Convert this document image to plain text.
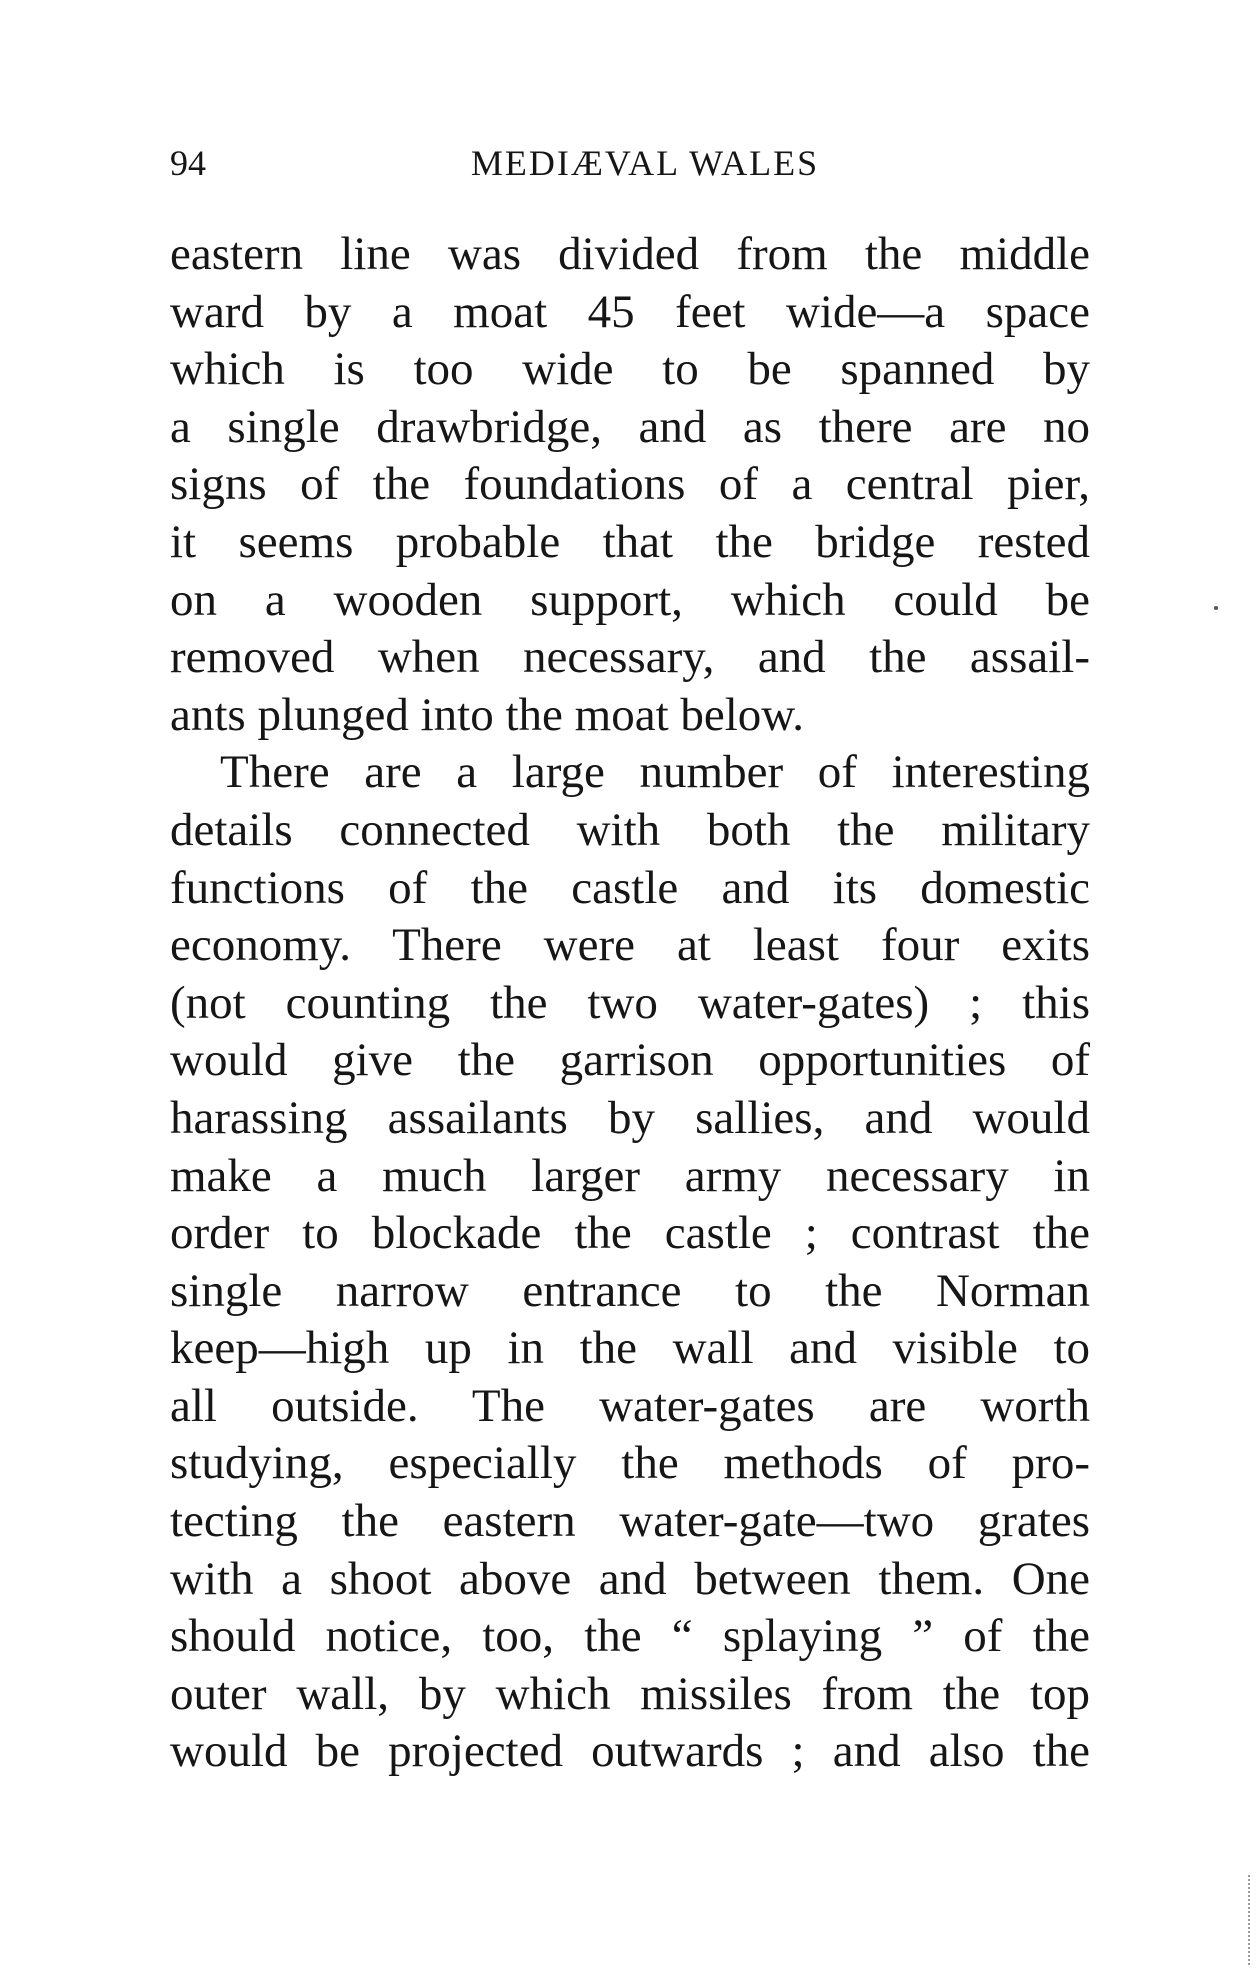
94	MEDIÆVAL WALES
eastern line was divided from the middle
ward by a moat 45 feet wide—a space
which is too wide to be spanned by
a single drawbridge, and as there are no
signs of the foundations of a central pier,
it seems probable that the bridge rested
on a wooden support, which could be
removed when necessary, and the assail-
ants plunged into the moat below.
There are a large number of interesting
details connected with both the military
functions of the castle and its domestic
economy. There were at least four exits
(not counting the two water-gates) ; this
would give the garrison opportunities of
harassing assailants by sallies, and would
make a much larger army necessary in
order to blockade the castle ; contrast the
single narrow entrance to the Norman
keep—high up in the wall and visible to
all outside. The water-gates are worth
studying, especially the methods of pro-
tecting the eastern water-gate—two grates
with a shoot above and between them. One
should notice, too, the “ splaying ” of the
outer wall, by which missiles from the top
would be projected outwards ; and also the
